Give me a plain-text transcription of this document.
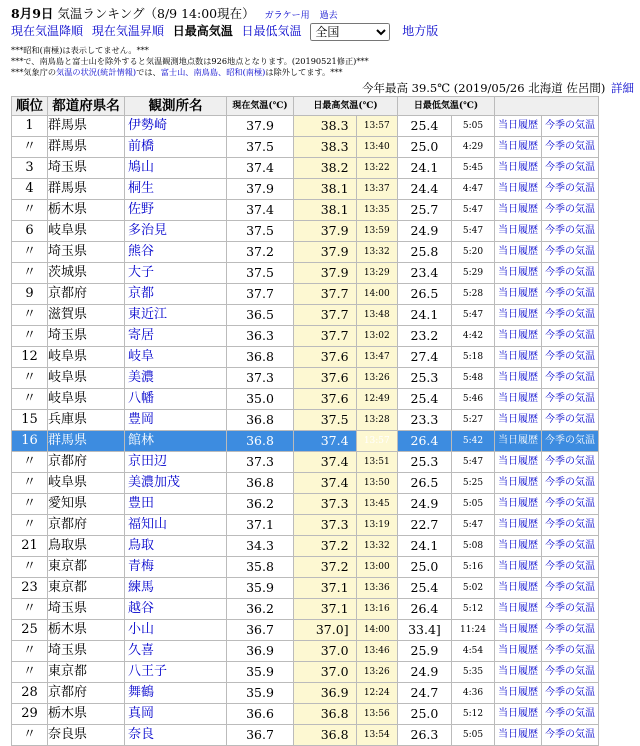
8月9日 気温ランキング（8/9 14:00現在） ガラケー用 過去
現在気温降順 現在気温昇順 日最高気温 日最低気温
全国	地方版
***昭和(南極)は表示してません。***
***で、南鳥島と富士山を除外すると気温観測地点数は926地点となります。(20190521修正)***
***気象庁の気温の状況(統計情報)では、富士山、南鳥島、昭和(南極)は除外してます。***
今年最高 39.5℃ (2019/05/26 北海道 佐呂間) 詳細
順位	都道府県名	観測所名	現在気温(℃)	日最高気温(℃)		日最低気温(℃)			
1	群馬県	伊勢崎	37.9	38.3	13:57	25.4	5:05	当日履歴	今季の気温
〃	群馬県	前橋	37.5	38.3	13:40	25.0	4:29	当日履歴	今季の気温
3	埼玉県	鳩山	37.4	38.2	13:22	24.1	5:45	当日履歴	今季の気温
4	群馬県	桐生	37.9	38.1	13:37	24.4	4:47	当日履歴	今季の気温
〃	栃木県	佐野	37.4	38.1	13:35	25.7	5:47	当日履歴	今季の気温
6	岐阜県	多治見	37.5	37.9	13:59	24.9	5:47	当日履歴	今季の気温
〃	埼玉県	熊谷	37.2	37.9	13:32	25.8	5:20	当日履歴	今季の気温
〃	茨城県	大子	37.5	37.9	13:29	23.4	5:29	当日履歴	今季の気温
9	京都府	京都	37.7	37.7	14:00	26.5	5:28	当日履歴	今季の気温
〃	滋賀県	東近江	36.5	37.7	13:48	24.1	5:47	当日履歴	今季の気温
〃	埼玉県	寄居	36.3	37.7	13:02	23.2	4:42	当日履歴	今季の気温
12	岐阜県	岐阜	36.8	37.6	13:47	27.4	5:18	当日履歴	今季の気温
〃	岐阜県	美濃	37.3	37.6	13:26	25.3	5:48	当日履歴	今季の気温
〃	岐阜県	八幡	35.0	37.6	12:49	25.4	5:46	当日履歴	今季の気温
15	兵庫県	豊岡	36.8	37.5	13:28	23.3	5:27	当日履歴	今季の気温
16	群馬県	館林	36.8	37.4	13:57	26.4	5:42	当日履歴	今季の気温
〃	京都府	京田辺	37.3	37.4	13:51	25.3	5:47	当日履歴	今季の気温
〃	岐阜県	美濃加茂	36.8	37.4	13:50	26.5	5:25	当日履歴	今季の気温
〃	愛知県	豊田	36.2	37.3	13:45	24.9	5:05	当日履歴	今季の気温
〃	京都府	福知山	37.1	37.3	13:19	22.7	5:47	当日履歴	今季の気温
21	鳥取県	鳥取	34.3	37.2	13:32	24.1	5:08	当日履歴	今季の気温
〃	東京都	青梅	35.8	37.2	13:00	25.0	5:16	当日履歴	今季の気温
23	東京都	練馬	35.9	37.1	13:36	25.4	5:02	当日履歴	今季の気温
〃	埼玉県	越谷	36.2	37.1	13:16	26.4	5:12	当日履歴	今季の気温
25	栃木県	小山	36.7	37.0]	14:00	33.4]	11:24	当日履歴	今季の気温
〃	埼玉県	久喜	36.9	37.0	13:46	25.9	4:54	当日履歴	今季の気温
〃	東京都	八王子	35.9	37.0	13:26	24.9	5:35	当日履歴	今季の気温
28	京都府	舞鶴	35.9	36.9	12:24	24.7	4:36	当日履歴	今季の気温
29	栃木県	真岡	36.6	36.8	13:56	25.0	5:12	当日履歴	今季の気温
〃	奈良県	奈良	36.7	36.8	13:54	26.3	5:05	当日履歴	今季の気温
